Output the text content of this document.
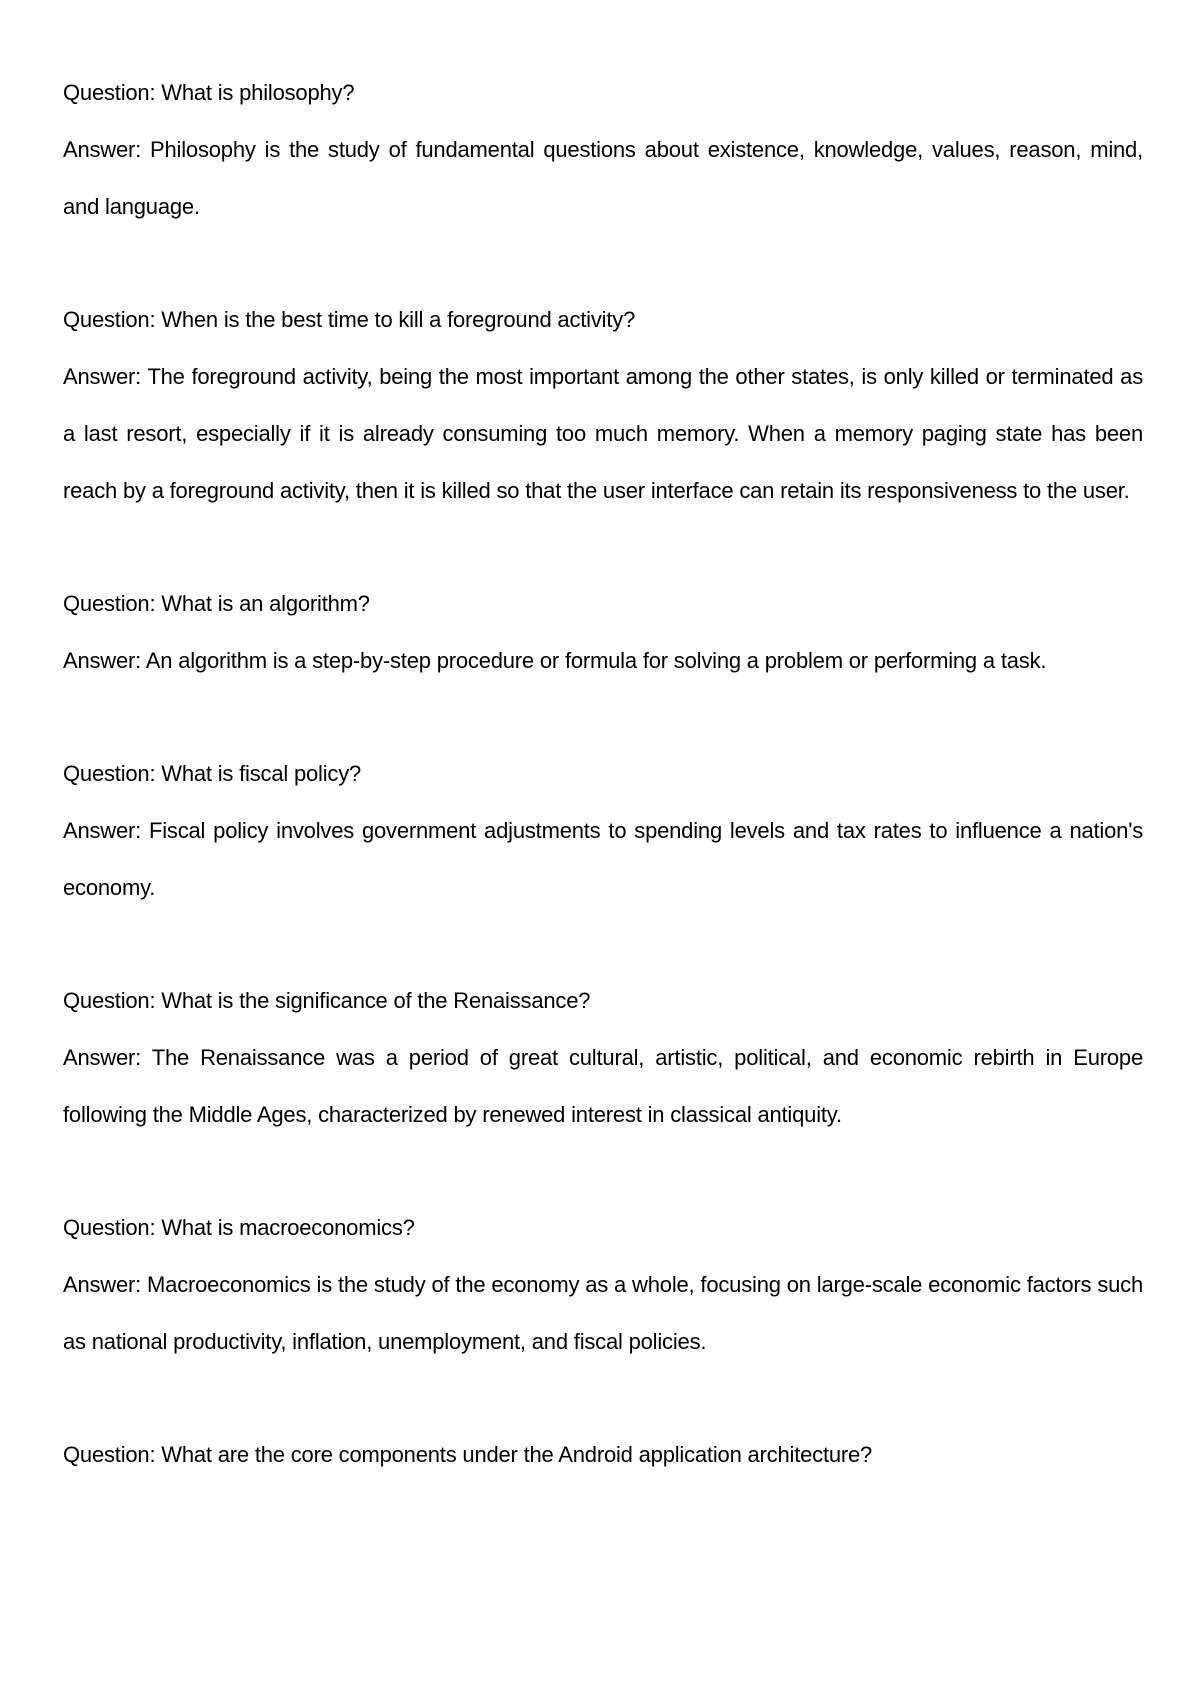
Question: What is philosophy?

Answer: Philosophy is the study of fundamental questions about existence, knowledge, values, reason, mind, and language.

Question: When is the best time to kill a foreground activity?

Answer: The foreground activity, being the most important among the other states, is only killed or terminated as a last resort, especially if it is already consuming too much memory. When a memory paging state has been reach by a foreground activity, then it is killed so that the user interface can retain its responsiveness to the user.

Question: What is an algorithm?

Answer: An algorithm is a step-by-step procedure or formula for solving a problem or performing a task.

Question: What is fiscal policy?

Answer: Fiscal policy involves government adjustments to spending levels and tax rates to influence a nation's economy.

Question: What is the significance of the Renaissance?

Answer: The Renaissance was a period of great cultural, artistic, political, and economic rebirth in Europe following the Middle Ages, characterized by renewed interest in classical antiquity.

Question: What is macroeconomics?

Answer: Macroeconomics is the study of the economy as a whole, focusing on large-scale economic factors such as national productivity, inflation, unemployment, and fiscal policies.

Question: What are the core components under the Android application architecture?
